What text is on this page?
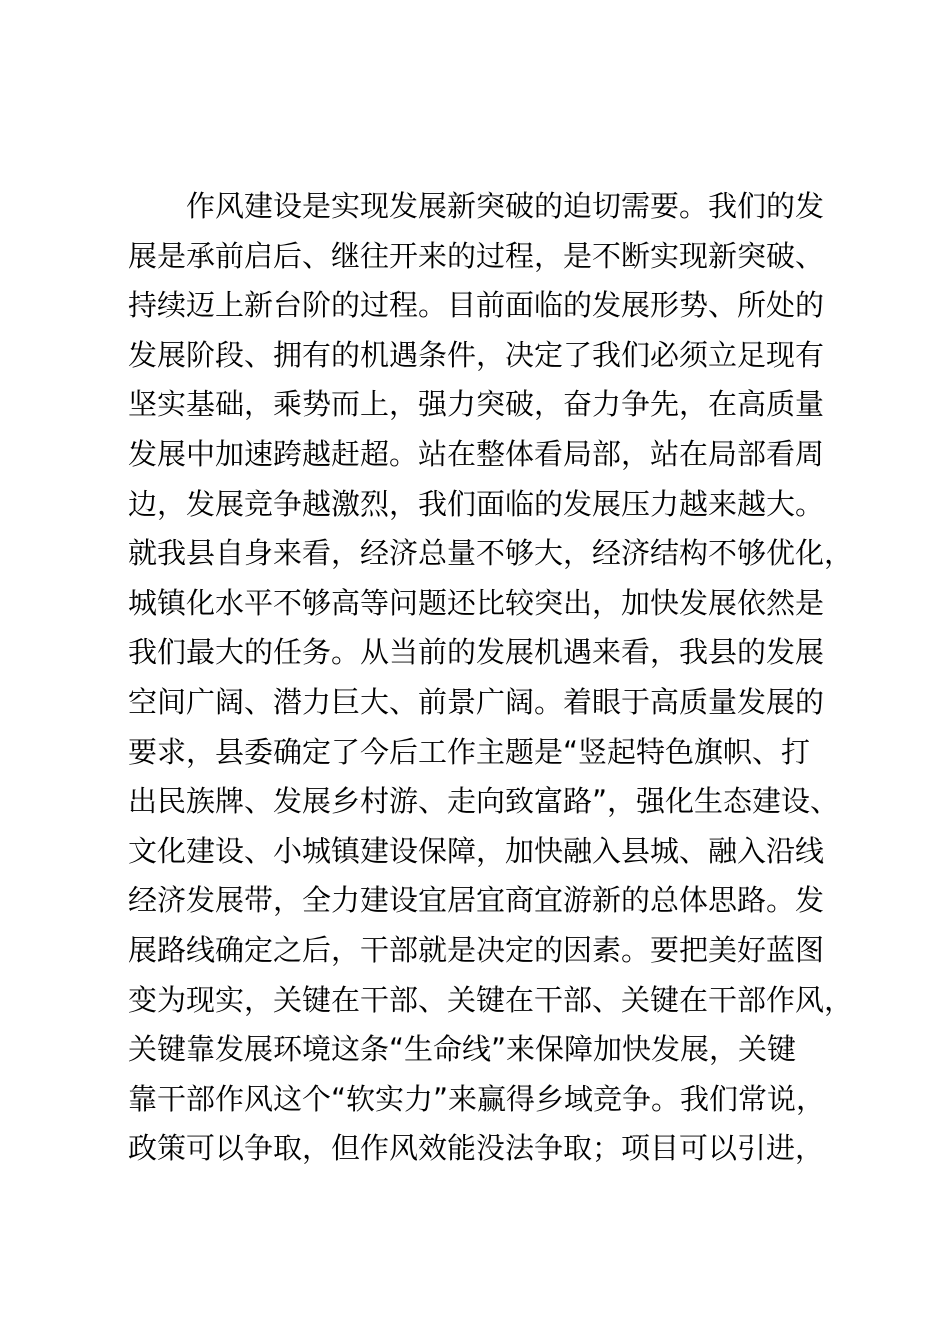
作风建设是实现发展新突破的迫切需要。我们的发
展是承前启后、继往开来的过程，是不断实现新突破、
持续迈上新台阶的过程。目前面临的发展形势、所处的
发展阶段、拥有的机遇条件，决定了我们必须立足现有
坚实基础，乘势而上，强力突破，奋力争先，在高质量
发展中加速跨越赶超。站在整体看局部，站在局部看周
边，发展竞争越激烈，我们面临的发展压力越来越大。
就我县自身来看，经济总量不够大，经济结构不够优化，
城镇化水平不够高等问题还比较突出，加快发展依然是
我们最大的任务。从当前的发展机遇来看，我县的发展
空间广阔、潜力巨大、前景广阔。着眼于高质量发展的
要求，县委确定了今后工作主题是“竖起特色旗帜、打
出民族牌、发展乡村游、走向致富路”，强化生态建设、
文化建设、小城镇建设保障，加快融入县城、融入沿线
经济发展带，全力建设宜居宜商宜游新的总体思路。发
展路线确定之后，干部就是决定的因素。要把美好蓝图
变为现实，关键在干部、关键在干部、关键在干部作风，
关键靠发展环境这条“生命线”来保障加快发展，关键
靠干部作风这个“软实力”来赢得乡域竞争。我们常说，
政策可以争取，但作风效能没法争取；项目可以引进，
